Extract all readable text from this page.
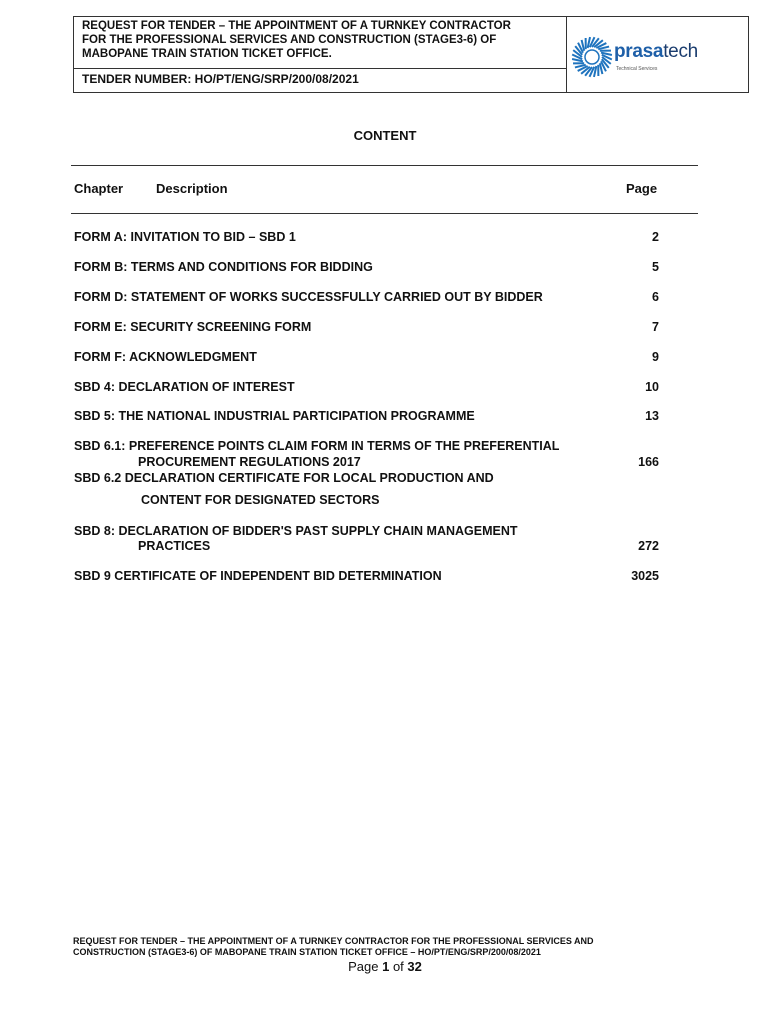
REQUEST FOR TENDER – THE APPOINTMENT OF A TURNKEY CONTRACTOR
FOR THE PROFESSIONAL SERVICES AND CONSTRUCTION (STAGE3-6) OF
MABOPANE TRAIN STATION TICKET OFFICE.
TENDER NUMBER: HO/PT/ENG/SRP/200/08/2021
prasatech
Technical Services
CONTENT
Chapter	Description	Page
FORM A: INVITATION TO BID – SBD 1	2
FORM B: TERMS AND CONDITIONS FOR BIDDING	5
FORM D: STATEMENT OF WORKS SUCCESSFULLY CARRIED OUT BY BIDDER	6
FORM E: SECURITY SCREENING FORM	7
FORM F: ACKNOWLEDGMENT	9
SBD 4: DECLARATION OF INTEREST	10
SBD 5: THE NATIONAL INDUSTRIAL PARTICIPATION PROGRAMME	13
SBD 6.1: PREFERENCE POINTS CLAIM FORM IN TERMS OF THE PREFERENTIAL
PROCUREMENT REGULATIONS 2017	166
SBD 6.2 DECLARATION CERTIFICATE FOR LOCAL PRODUCTION AND
CONTENT FOR DESIGNATED SECTORS
SBD 8: DECLARATION OF BIDDER'S PAST SUPPLY CHAIN MANAGEMENT
PRACTICES	272
SBD 9 CERTIFICATE OF INDEPENDENT BID DETERMINATION	3025
REQUEST FOR TENDER – THE APPOINTMENT OF A TURNKEY CONTRACTOR FOR THE PROFESSIONAL SERVICES AND
CONSTRUCTION (STAGE3-6) OF MABOPANE TRAIN STATION TICKET OFFICE – HO/PT/ENG/SRP/200/08/2021
Page 1 of 32
